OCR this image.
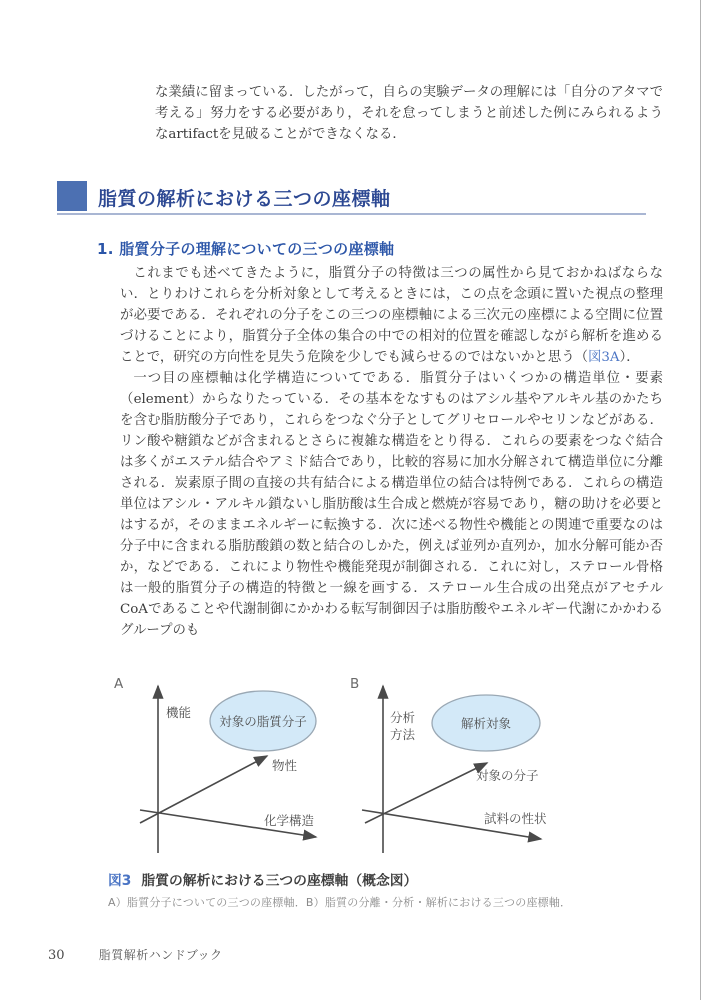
な業績に留まっている．したがって，自らの実験データの理解には「自分のアタマで考える」努力をする必要があり，それを怠ってしまうと前述した例にみられるようなartifactを見破ることができなくなる．

脂質の解析における三つの座標軸
1. 脂質分子の理解についての三つの座標軸

これまでも述べてきたように，脂質分子の特徴は三つの属性から見ておかねばならない．とりわけこれらを分析対象として考えるときには，この点を念頭に置いた視点の整理が必要である．それぞれの分子をこの三つの座標軸による三次元の座標による空間に位置づけることにより，脂質分子全体の集合の中での相対的位置を確認しながら解析を進めることで，研究の方向性を見失う危険を少しでも減らせるのではないかと思う（図3A）．

一つ目の座標軸は化学構造についてである．脂質分子はいくつかの構造単位・要素（element）からなりたっている．その基本をなすものはアシル基やアルキル基のかたちを含む脂肪酸分子であり，これらをつなぐ分子としてグリセロールやセリンなどがある．リン酸や糖鎖などが含まれるとさらに複雑な構造をとり得る．これらの要素をつなぐ結合は多くがエステル結合やアミド結合であり，比較的容易に加水分解されて構造単位に分離される．炭素原子間の直接の共有結合による構造単位の結合は特例である．これらの構造単位はアシル・アルキル鎖ないし脂肪酸は生合成と燃焼が容易であり，糖の助けを必要とはするが，そのままエネルギーに転換する．次に述べる物性や機能との関連で重要なのは分子中に含まれる脂肪酸鎖の数と結合のしかた，例えば並列か直列か，加水分解可能か否か，などである．これにより物性や機能発現が制御される．これに対し，ステロール骨格は一般的脂質分子の構造的特徴と一線を画する．ステロール生合成の出発点がアセチルCoAであることや代謝制御にかかわる転写制御因子は脂肪酸やエネルギー代謝にかかわるグループのも

A
機能
物性
化学構造
対象の脂質分子
B
分析
方法
対象の分子
試料の性状
解析対象
図3 脂質の解析における三つの座標軸（概念図）
A）脂質分子についての三つの座標軸．B）脂質の分離・分析・解析における三つの座標軸．
30	脂質解析ハンドブック
